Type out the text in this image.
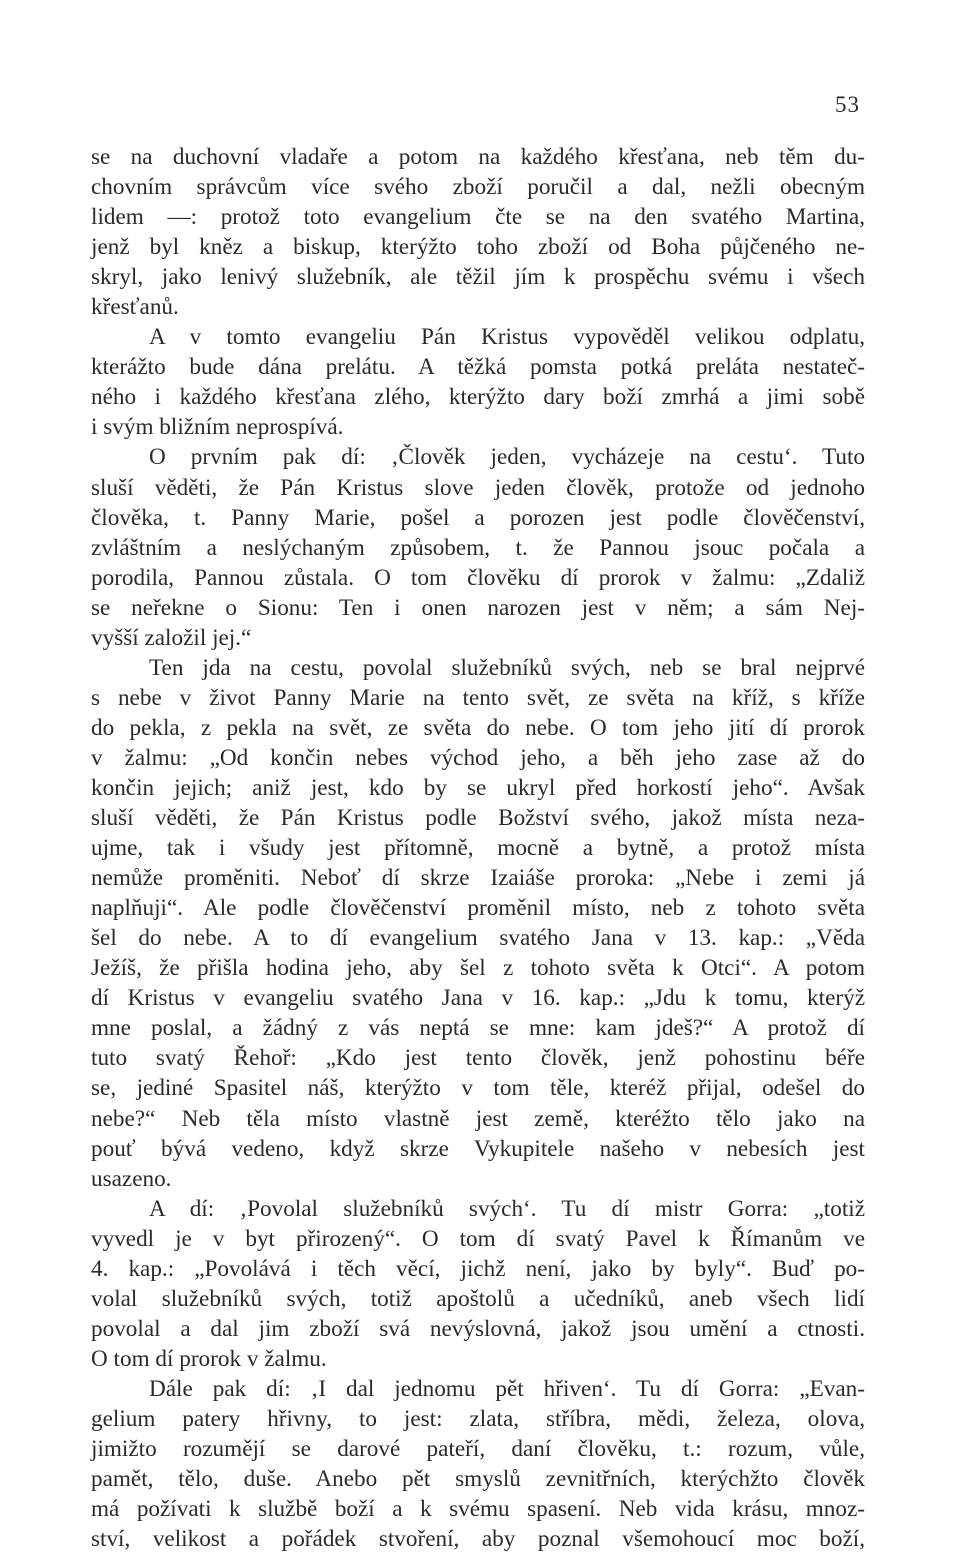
53
se na duchovní vladaře a potom na každého křesťana, neb těm du-
chovním správcům více svého zboží poručil a dal, nežli obecným
lidem —: protož toto evangelium čte se na den svatého Martina,
jenž byl kněz a biskup, kterýžto toho zboží od Boha půjčeného ne-
skryl, jako lenivý služebník, ale těžil jím k prospěchu svému i všech
křesťanů.
A v tomto evangeliu Pán Kristus vypověděl velikou odplatu,
kterážto bude dána prelátu. A těžká pomsta potká preláta nestateč-
ného i každého křesťana zlého, kterýžto dary boží zmrhá a jimi sobě
i svým bližním neprospívá.
O prvním pak dí: ‚Člověk jeden, vycházeje na cestu‘. Tuto
sluší věděti, že Pán Kristus slove jeden člověk, protože od jednoho
člověka, t. Panny Marie, pošel a porozen jest podle člověčenství,
zvláštním a neslýchaným způsobem, t. že Pannou jsouc počala a
porodila, Pannou zůstala. O tom člověku dí prorok v žalmu: „Zdaliž
se neřekne o Sionu: Ten i onen narozen jest v něm; a sám Nej-
vyšší založil jej.“
Ten jda na cestu, povolal služebníků svých, neb se bral nejprvé
s nebe v život Panny Marie na tento svět, ze světa na kříž, s kříže
do pekla, z pekla na svět, ze světa do nebe. O tom jeho jití dí prorok
v žalmu: „Od končin nebes východ jeho, a běh jeho zase až do
končin jejich; aniž jest, kdo by se ukryl před horkostí jeho“. Avšak
sluší věděti, že Pán Kristus podle Božství svého, jakož místa neza-
ujme, tak i všudy jest přítomně, mocně a bytně, a protož místa
nemůže proměniti. Neboť dí skrze Izaiáše proroka: „Nebe i zemi já
naplňuji“. Ale podle člověčenství proměnil místo, neb z tohoto světa
šel do nebe. A to dí evangelium svatého Jana v 13. kap.: „Věda
Ježíš, že přišla hodina jeho, aby šel z tohoto světa k Otci“. A potom
dí Kristus v evangeliu svatého Jana v 16. kap.: „Jdu k tomu, kterýž
mne poslal, a žádný z vás neptá se mne: kam jdeš?“ A protož dí
tuto svatý Řehoř: „Kdo jest tento člověk, jenž pohostinu béře
se, jediné Spasitel náš, kterýžto v tom těle, kteréž přijal, odešel do
nebe?“ Neb těla místo vlastně jest země, kteréžto tělo jako na
pouť bývá vedeno, když skrze Vykupitele našeho v nebesích jest
usazeno.
A dí: ‚Povolal služebníků svých‘. Tu dí mistr Gorra: „totiž
vyvedl je v byt přirozený“. O tom dí svatý Pavel k Římanům ve
4. kap.: „Povolává i těch věcí, jichž není, jako by byly“. Buď po-
volal služebníků svých, totiž apoštolů a učedníků, aneb všech lidí
povolal a dal jim zboží svá nevýslovná, jakož jsou umění a ctnosti.
O tom dí prorok v žalmu.
Dále pak dí: ‚I dal jednomu pět hřiven‘. Tu dí Gorra: „Evan-
gelium patery hřivny, to jest: zlata, stříbra, mědi, železa, olova,
jimižto rozumějí se darové pateří, daní člověku, t.: rozum, vůle,
pamět, tělo, duše. Anebo pět smyslů zevnitřních, kterýchžto člověk
má požívati k službě boží a k svému spasení. Neb vida krásu, mnoz-
ství, velikost a pořádek stvoření, aby poznal všemohoucí moc boží,
